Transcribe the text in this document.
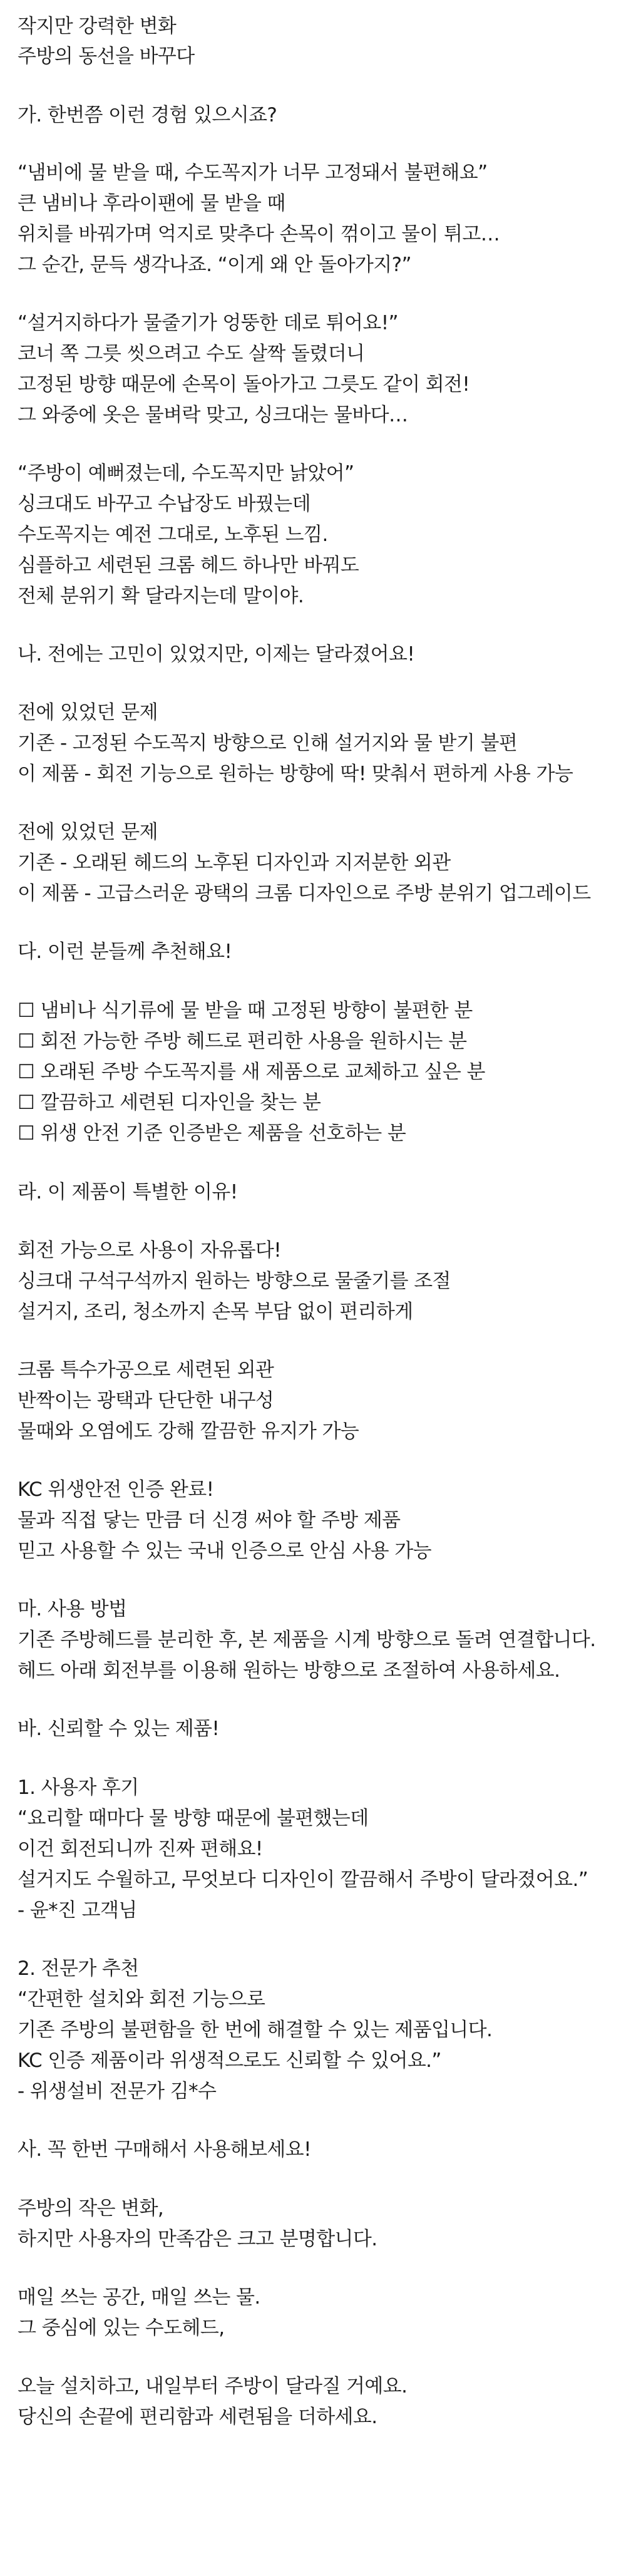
작지만 강력한 변화

주방의 동선을 바꾸다

가. 한번쯤 이런 경험 있으시죠?

“냄비에 물 받을 때, 수도꼭지가 너무 고정돼서 불편해요”

큰 냄비나 후라이팬에 물 받을 때

위치를 바꿔가며 억지로 맞추다 손목이 꺾이고 물이 튀고…

그 순간, 문득 생각나죠. “이게 왜 안 돌아가지?”

“설거지하다가 물줄기가 엉뚱한 데로 튀어요!”

코너 쪽 그릇 씻으려고 수도 살짝 돌렸더니

고정된 방향 때문에 손목이 돌아가고 그릇도 같이 회전!

그 와중에 옷은 물벼락 맞고, 싱크대는 물바다…

“주방이 예뻐졌는데, 수도꼭지만 낡았어”

싱크대도 바꾸고 수납장도 바꿨는데

수도꼭지는 예전 그대로, 노후된 느낌.

심플하고 세련된 크롬 헤드 하나만 바꿔도

전체 분위기 확 달라지는데 말이야.

나. 전에는 고민이 있었지만, 이제는 달라졌어요!

전에 있었던 문제

기존 - 고정된 수도꼭지 방향으로 인해 설거지와 물 받기 불편

이 제품 - 회전 기능으로 원하는 방향에 딱! 맞춰서 편하게 사용 가능

전에 있었던 문제

기존 - 오래된 헤드의 노후된 디자인과 지저분한 외관

이 제품 - 고급스러운 광택의 크롬 디자인으로 주방 분위기 업그레이드

다. 이런 분들께 추천해요!

☐ 냄비나 식기류에 물 받을 때 고정된 방향이 불편한 분

☐ 회전 가능한 주방 헤드로 편리한 사용을 원하시는 분

☐ 오래된 주방 수도꼭지를 새 제품으로 교체하고 싶은 분

☐ 깔끔하고 세련된 디자인을 찾는 분

☐ 위생 안전 기준 인증받은 제품을 선호하는 분

라. 이 제품이 특별한 이유!

회전 가능으로 사용이 자유롭다!

싱크대 구석구석까지 원하는 방향으로 물줄기를 조절

설거지, 조리, 청소까지 손목 부담 없이 편리하게

크롬 특수가공으로 세련된 외관

반짝이는 광택과 단단한 내구성

물때와 오염에도 강해 깔끔한 유지가 가능

KC 위생안전 인증 완료!

물과 직접 닿는 만큼 더 신경 써야 할 주방 제품

믿고 사용할 수 있는 국내 인증으로 안심 사용 가능

마. 사용 방법

기존 주방헤드를 분리한 후, 본 제품을 시계 방향으로 돌려 연결합니다.

헤드 아래 회전부를 이용해 원하는 방향으로 조절하여 사용하세요.

바. 신뢰할 수 있는 제품!

1. 사용자 후기

“요리할 때마다 물 방향 때문에 불편했는데

이건 회전되니까 진짜 편해요!

설거지도 수월하고, 무엇보다 디자인이 깔끔해서 주방이 달라졌어요.”

- 윤*진 고객님

2. 전문가 추천

“간편한 설치와 회전 기능으로

기존 주방의 불편함을 한 번에 해결할 수 있는 제품입니다.

KC 인증 제품이라 위생적으로도 신뢰할 수 있어요.”

- 위생설비 전문가 김*수

사. 꼭 한번 구매해서 사용해보세요!

주방의 작은 변화,

하지만 사용자의 만족감은 크고 분명합니다.

매일 쓰는 공간, 매일 쓰는 물.

그 중심에 있는 수도헤드,

오늘 설치하고, 내일부터 주방이 달라질 거예요.

당신의 손끝에 편리함과 세련됨을 더하세요.
